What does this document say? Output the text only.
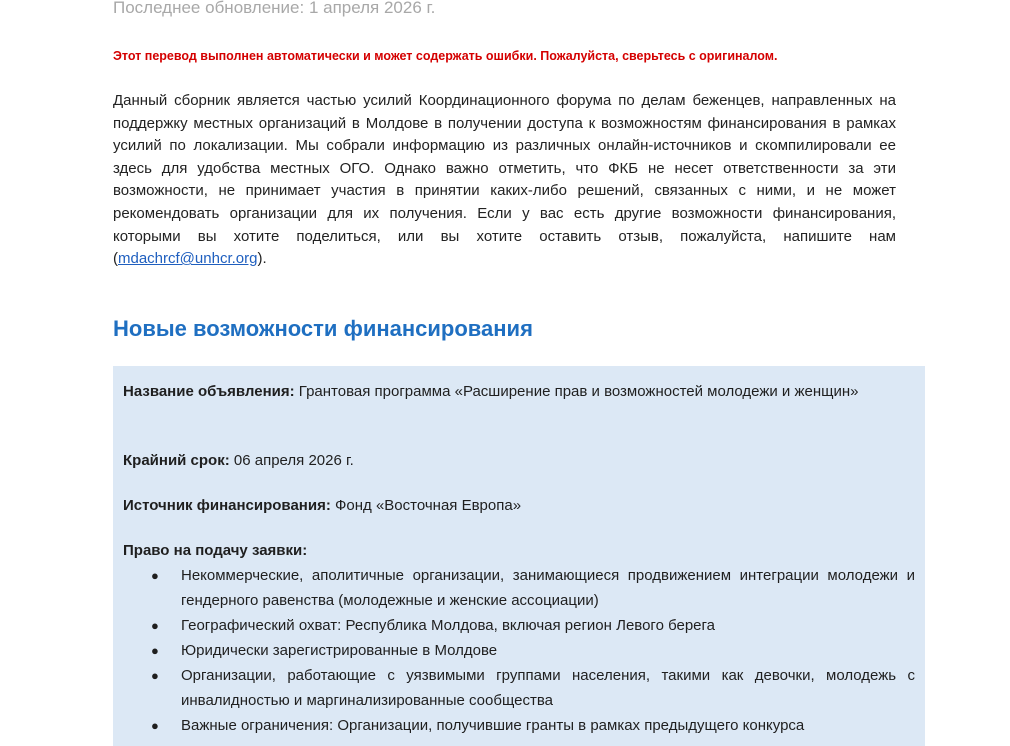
Последнее обновление: 1 апреля 2026 г.
Этот перевод выполнен автоматически и может содержать ошибки. Пожалуйста, сверьтесь с оригиналом.
Данный сборник является частью усилий Координационного форума по делам беженцев, направленных на поддержку местных организаций в Молдове в получении доступа к возможностям финансирования в рамках усилий по локализации. Мы собрали информацию из различных онлайн-источников и скомпилировали ее здесь для удобства местных ОГО. Однако важно отметить, что ФКБ не несет ответственности за эти возможности, не принимает участия в принятии каких-либо решений, связанных с ними, и не может рекомендовать организации для их получения. Если у вас есть другие возможности финансирования, которыми вы хотите поделиться, или вы хотите оставить отзыв, пожалуйста, напишите нам (mdachrcf@unhcr.org).
Новые возможности финансирования
Название объявления: Грантовая программа «Расширение прав и возможностей молодежи и женщин»
Крайний срок: 06 апреля 2026 г.
Источник финансирования: Фонд «Восточная Европа»
Право на подачу заявки:
● Некоммерческие, аполитичные организации, занимающиеся продвижением интеграции молодежи и гендерного равенства (молодежные и женские ассоциации)
● Географический охват: Республика Молдова, включая регион Левого берега
● Юридически зарегистрированные в Молдове
● Организации, работающие с уязвимыми группами населения, такими как девочки, молодежь с инвалидностью и маргинализированные сообщества
● Важные ограничения: Организации, получившие гранты в рамках предыдущего конкурса
